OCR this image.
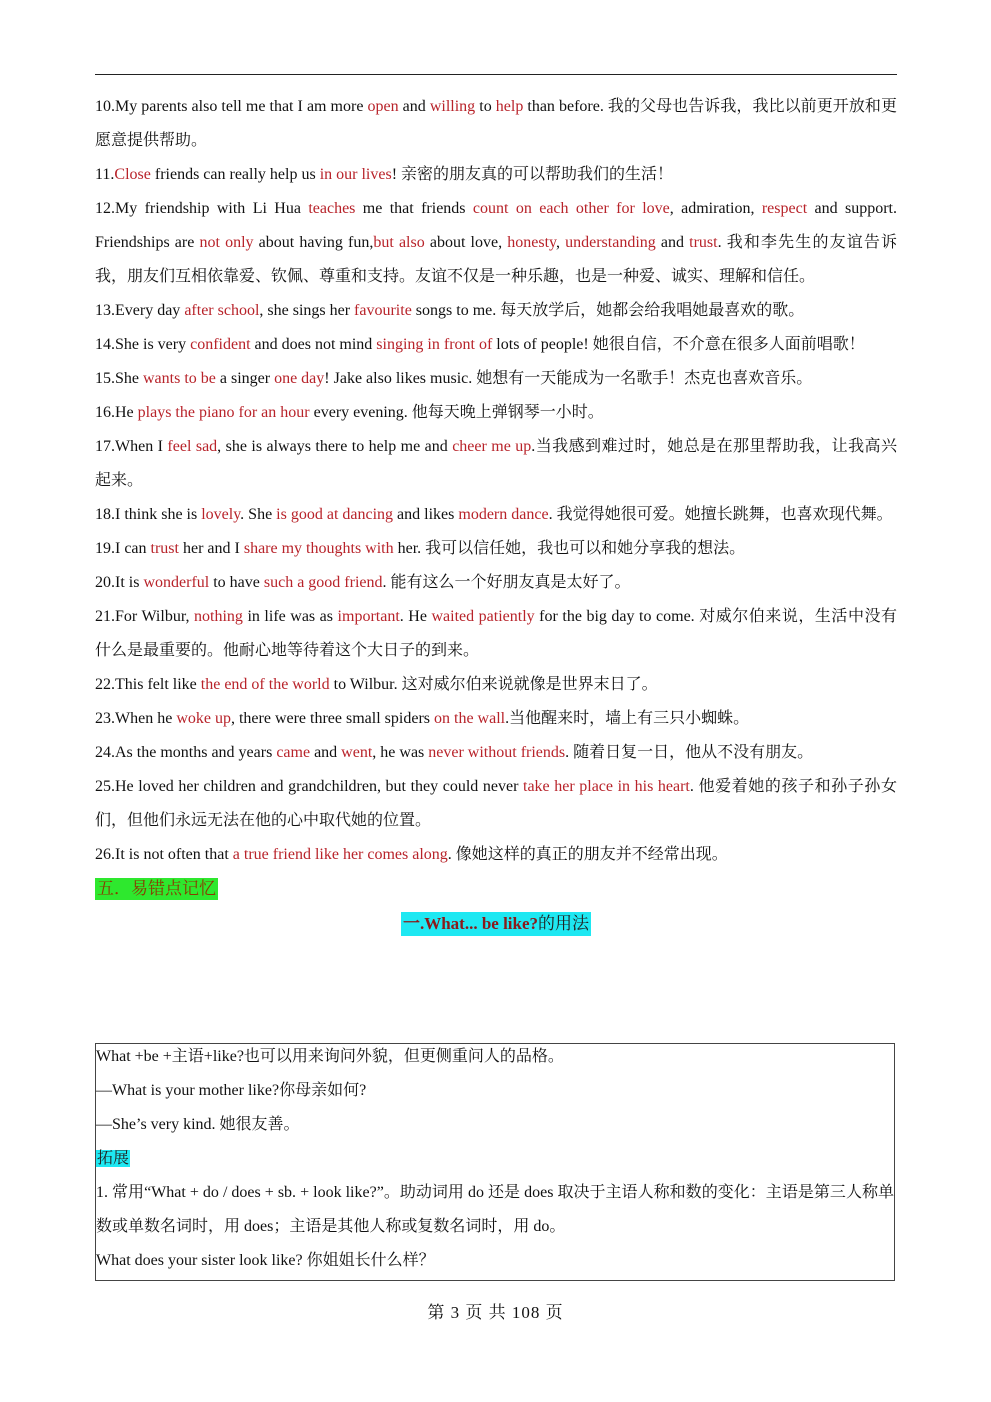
10.My parents also tell me that I am more open and willing to help than before. 我的父母也告诉我，我比以前更开放和更愿意提供帮助。

11.Close friends can really help us in our lives! 亲密的朋友真的可以帮助我们的生活！

12.My friendship with Li Hua teaches me that friends count on each other for love, admiration, respect and support. Friendships are not only about having fun,but also about love, honesty, understanding and trust. 我和李先生的友谊告诉我，朋友们互相依靠爱、钦佩、尊重和支持。友谊不仅是一种乐趣，也是一种爱、诚实、理解和信任。

13.Every day after school, she sings her favourite songs to me. 每天放学后，她都会给我唱她最喜欢的歌。

14.She is very confident and does not mind singing in front of lots of people! 她很自信，不介意在很多人面前唱歌！

15.She wants to be a singer one day! Jake also likes music. 她想有一天能成为一名歌手！杰克也喜欢音乐。

16.He plays the piano for an hour every evening. 他每天晚上弹钢琴一小时。

17.When I feel sad, she is always there to help me and cheer me up.当我感到难过时，她总是在那里帮助我，让我高兴起来。

18.I think she is lovely. She is good at dancing and likes modern dance. 我觉得她很可爱。她擅长跳舞，也喜欢现代舞。

19.I can trust her and I share my thoughts with her. 我可以信任她，我也可以和她分享我的想法。

20.It is wonderful to have such a good friend. 能有这么一个好朋友真是太好了。

21.For Wilbur, nothing in life was as important. He waited patiently for the big day to come. 对威尔伯来说，生活中没有什么是最重要的。他耐心地等待着这个大日子的到来。

22.This felt like the end of the world to Wilbur. 这对威尔伯来说就像是世界末日了。

23.When he woke up, there were three small spiders on the wall.当他醒来时，墙上有三只小蜘蛛。

24.As the months and years came and went, he was never without friends. 随着日复一日，他从不没有朋友。

25.He loved her children and grandchildren, but they could never take her place in his heart. 他爱着她的孩子和孙子孙女们，但他们永远无法在他的心中取代她的位置。

26.It is not often that a true friend like her comes along. 像她这样的真正的朋友并不经常出现。

五．易错点记忆
一.What... be like?的用法

What +be +主语+like?也可以用来询问外貌，但更侧重问人的品格。

—What is your mother like?你母亲如何?

—She’s very kind. 她很友善。

拓展

1. 常用“What + do / does + sb. + look like?”。助动词用 do 还是 does 取决于主语人称和数的变化：主语是第三人称单数或单数名词时，用 does；主语是其他人称或复数名词时，用 do。

What does your sister look like? 你姐姐长什么样？

第 3 页 共 108 页
